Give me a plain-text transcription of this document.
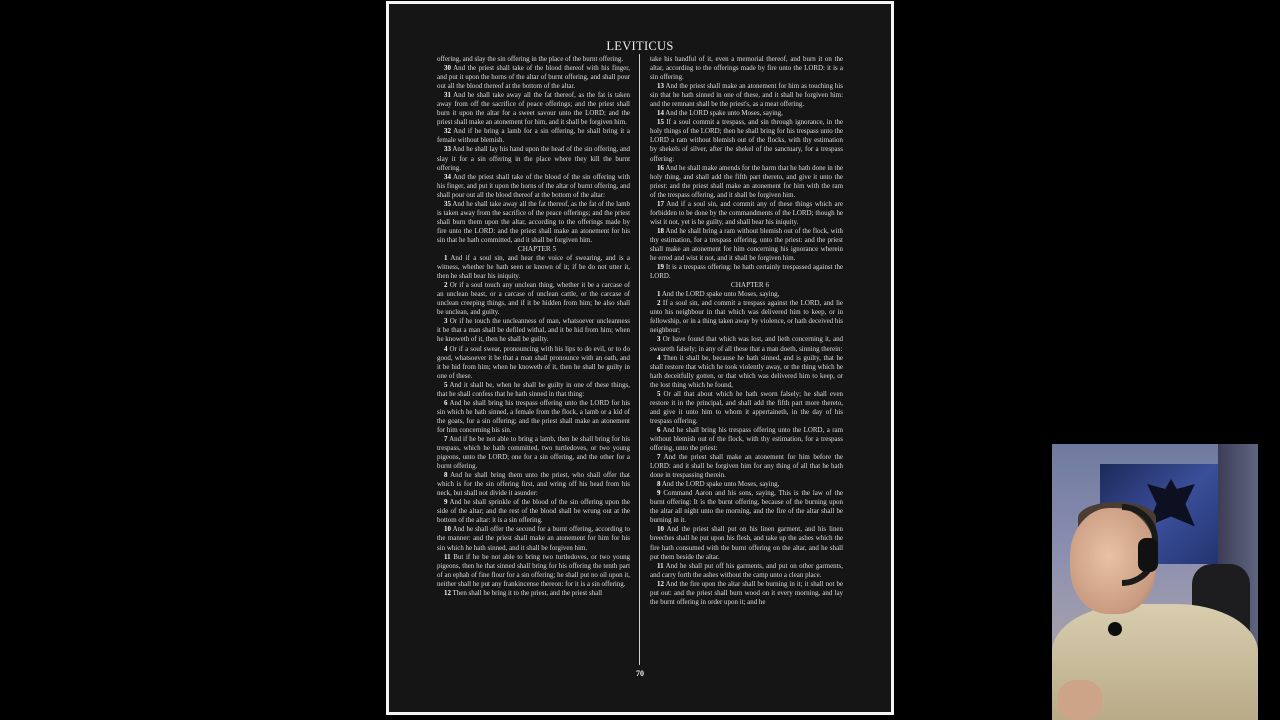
LEVITICUS

offering, and slay the sin offering in the place of the burnt offering.

30 And the priest shall take of the blood thereof with his finger, and put it upon the horns of the altar of burnt offering, and shall pour out all the blood thereof at the bottom of the altar.

31 And he shall take away all the fat thereof, as the fat is taken away from off the sacrifice of peace offerings; and the priest shall burn it upon the altar for a sweet savour unto the LORD; and the priest shall make an atonement for him, and it shall be forgiven him.

32 And if he bring a lamb for a sin offering, he shall bring it a female without blemish.

33 And he shall lay his hand upon the head of the sin offering, and slay it for a sin offering in the place where they kill the burnt offering.

34 And the priest shall take of the blood of the sin offering with his finger, and put it upon the horns of the altar of burnt offering, and shall pour out all the blood thereof at the bottom of the altar:

35 And he shall take away all the fat thereof, as the fat of the lamb is taken away from the sacrifice of the peace offerings; and the priest shall burn them upon the altar, according to the offerings made by fire unto the LORD: and the priest shall make an atonement for his sin that he hath committed, and it shall be forgiven him.

CHAPTER 5

1 And if a soul sin, and hear the voice of swearing, and is a witness, whether he hath seen or known of it; if he do not utter it, then he shall bear his iniquity.

2 Or if a soul touch any unclean thing, whether it be a carcase of an unclean beast, or a carcase of unclean cattle, or the carcase of unclean creeping things, and if it be hidden from him; he also shall be unclean, and guilty.

3 Or if he touch the uncleanness of man, whatsoever uncleanness it be that a man shall be defiled withal, and it be hid from him; when he knoweth of it, then he shall be guilty.

4 Or if a soul swear, pronouncing with his lips to do evil, or to do good, whatsoever it be that a man shall pronounce with an oath, and it be hid from him; when he knoweth of it, then he shall be guilty in one of these.

5 And it shall be, when he shall be guilty in one of these things, that he shall confess that he hath sinned in that thing:

6 And he shall bring his trespass offering unto the LORD for his sin which he hath sinned, a female from the flock, a lamb or a kid of the goats, for a sin offering; and the priest shall make an atonement for him concerning his sin.

7 And if he be not able to bring a lamb, then he shall bring for his trespass, which he hath committed, two turtledoves, or two young pigeons, unto the LORD; one for a sin offering, and the other for a burnt offering.

8 And he shall bring them unto the priest, who shall offer that which is for the sin offering first, and wring off his head from his neck, but shall not divide it asunder:

9 And he shall sprinkle of the blood of the sin offering upon the side of the altar; and the rest of the blood shall be wrung out at the bottom of the altar: it is a sin offering.

10 And he shall offer the second for a burnt offering, according to the manner: and the priest shall make an atonement for him for his sin which he hath sinned, and it shall be forgiven him.

11 But if he be not able to bring two turtledoves, or two young pigeons, then he that sinned shall bring for his offering the tenth part of an ephah of fine flour for a sin offering; he shall put no oil upon it, neither shall he put any frankincense thereon: for it is a sin offering.

12 Then shall he bring it to the priest, and the priest shall

take his handful of it, even a memorial thereof, and burn it on the altar, according to the offerings made by fire unto the LORD: it is a sin offering.

13 And the priest shall make an atonement for him as touching his sin that he hath sinned in one of these, and it shall be forgiven him: and the remnant shall be the priest's, as a meat offering.

14 And the LORD spake unto Moses, saying,

15 If a soul commit a trespass, and sin through ignorance, in the holy things of the LORD; then he shall bring for his trespass unto the LORD a ram without blemish out of the flocks, with thy estimation by shekels of silver, after the shekel of the sanctuary, for a trespass offering:

16 And he shall make amends for the harm that he hath done in the holy thing, and shall add the fifth part thereto, and give it unto the priest: and the priest shall make an atonement for him with the ram of the trespass offering, and it shall be forgiven him.

17 And if a soul sin, and commit any of these things which are forbidden to be done by the commandments of the LORD; though he wist it not, yet is he guilty, and shall bear his iniquity.

18 And he shall bring a ram without blemish out of the flock, with thy estimation, for a trespass offering, unto the priest: and the priest shall make an atonement for him concerning his ignorance wherein he erred and wist it not, and it shall be forgiven him.

19 It is a trespass offering: he hath certainly trespassed against the LORD.

CHAPTER 6

1 And the LORD spake unto Moses, saying,

2 If a soul sin, and commit a trespass against the LORD, and lie unto his neighbour in that which was delivered him to keep, or in fellowship, or in a thing taken away by violence, or hath deceived his neighbour;

3 Or have found that which was lost, and lieth concerning it, and sweareth falsely; in any of all these that a man doeth, sinning therein:

4 Then it shall be, because he hath sinned, and is guilty, that he shall restore that which he took violently away, or the thing which he hath deceitfully gotten, or that which was delivered him to keep, or the lost thing which he found,

5 Or all that about which he hath sworn falsely; he shall even restore it in the principal, and shall add the fifth part more thereto, and give it unto him to whom it appertaineth, in the day of his trespass offering.

6 And he shall bring his trespass offering unto the LORD, a ram without blemish out of the flock, with thy estimation, for a trespass offering, unto the priest:

7 And the priest shall make an atonement for him before the LORD: and it shall be forgiven him for any thing of all that he hath done in trespassing therein.

8 And the LORD spake unto Moses, saying,

9 Command Aaron and his sons, saying, This is the law of the burnt offering: It is the burnt offering, because of the burning upon the altar all night unto the morning, and the fire of the altar shall be burning in it.

10 And the priest shall put on his linen garment, and his linen breeches shall he put upon his flesh, and take up the ashes which the fire hath consumed with the burnt offering on the altar, and he shall put them beside the altar.

11 And he shall put off his garments, and put on other garments, and carry forth the ashes without the camp unto a clean place.

12 And the fire upon the altar shall be burning in it; it shall not be put out: and the priest shall burn wood on it every morning, and lay the burnt offering in order upon it; and he

70
